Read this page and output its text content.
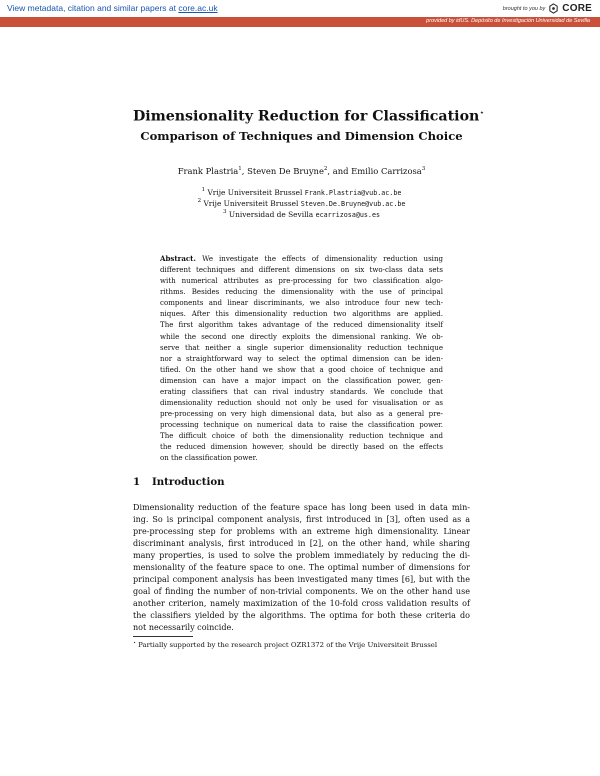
View metadata, citation and similar papers at core.ac.uk	brought to you by CORE
provided by idUS. Depósito de Investigación Universidad de Sevilla
Dimensionality Reduction for Classification⋆
Comparison of Techniques and Dimension Choice
Frank Plastria$^1$, Steven De Bruyne$^2$, and Emilio Carrizosa$^3$
$^1$ Vrije Universiteit Brussel Frank.Plastria@vub.ac.be
$^2$ Vrije Universiteit Brussel Steven.De.Bruyne@vub.ac.be
$^3$ Universidad de Sevilla ecarrizosa@us.es
Abstract. We investigate the effects of dimensionality reduction using
different techniques and different dimensions on six two-class data sets
with numerical attributes as pre-processing for two classification algo-
rithms. Besides reducing the dimensionality with the use of principal
components and linear discriminants, we also introduce four new tech-
niques. After this dimensionality reduction two algorithms are applied.
The first algorithm takes advantage of the reduced dimensionality itself
while the second one directly exploits the dimensional ranking. We ob-
serve that neither a single superior dimensionality reduction technique
nor a straightforward way to select the optimal dimension can be iden-
tified. On the other hand we show that a good choice of technique and
dimension can have a major impact on the classification power, gen-
erating classifiers that can rival industry standards. We conclude that
dimensionality reduction should not only be used for visualisation or as
pre-processing on very high dimensional data, but also as a general pre-
processing technique on numerical data to raise the classification power.
The difficult choice of both the dimensionality reduction technique and
the reduced dimension however, should be directly based on the effects
on the classification power.
1 Introduction
Dimensionality reduction of the feature space has long been used in data min-
ing. So is principal component analysis, first introduced in [3], often used as a
pre-processing step for problems with an extreme high dimensionality. Linear
discriminant analysis, first introduced in [2], on the other hand, while sharing
many properties, is used to solve the problem immediately by reducing the di-
mensionality of the feature space to one. The optimal number of dimensions for
principal component analysis has been investigated many times [6], but with the
goal of finding the number of non-trivial components. We on the other hand use
another criterion, namely maximization of the 10-fold cross validation results of
the classifiers yielded by the algorithms. The optima for both these criteria do
not necessarily coincide.
⋆ Partially supported by the research project OZR1372 of the Vrije Universiteit Brussel
